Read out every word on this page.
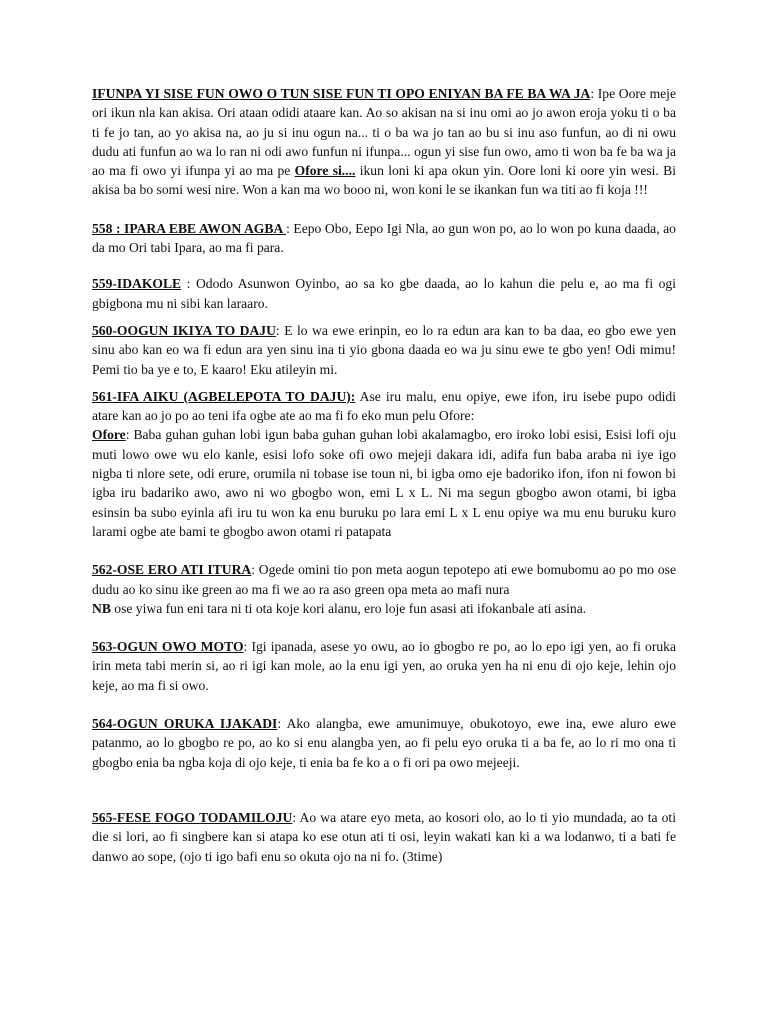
IFUNPA YI SISE FUN OWO O TUN SISE FUN TI OPO ENIYAN BA FE BA WA JA: Ipe Oore meje ori ikun nla kan akisa. Ori ataan odidi ataare kan. Ao so akisan na si inu omi ao jo awon eroja yoku ti o ba ti fe jo tan, ao yo akisa na, ao ju si inu ogun na... ti o ba wa jo tan ao bu si inu aso funfun, ao di ni owu dudu ati funfun ao wa lo ran ni odi awo funfun ni ifunpa... ogun yi sise fun owo, amo ti won ba fe ba wa ja ao ma fi owo yi ifunpa yi ao ma pe Ofore si.... ikun loni ki apa okun yin. Oore loni ki oore yin wesi. Bi akisa ba bo somi wesi nire. Won a kan ma wo booo ni, won koni le se ikankan fun wa titi ao fi koja !!!

558 : IPARA EBE AWON AGBA : Eepo Obo, Eepo Igi Nla, ao gun won po, ao lo won po kuna daada, ao da mo Ori tabi Ipara, ao ma fi para.

559-IDAKOLE : Ododo Asunwon Oyinbo, ao sa ko gbe daada, ao lo kahun die pelu e, ao ma fi ogi gbigbona mu ni sibi kan laraaro.

560-OOGUN IKIYA TO DAJU: E lo wa ewe erinpin, eo lo ra edun ara kan to ba daa, eo gbo ewe yen sinu abo kan eo wa fi edun ara yen sinu ina ti yio gbona daada eo wa ju sinu ewe te gbo yen! Odi mimu! Pemi tio ba ye e to, E kaaro! Eku atileyin mi.

561-IFA AIKU (AGBELEPOTA TO DAJU): Ase iru malu, enu opiye, ewe ifon, iru isebe pupo odidi atare kan ao jo po ao teni ifa ogbe ate ao ma fi fo eko mun pelu Ofore:
Ofore: Baba guhan guhan lobi igun baba guhan guhan lobi akalamagbo, ero iroko lobi esisi, Esisi lofi oju muti lowo owe wu elo kanle, esisi lofo soke ofi owo mejeji dakara idi, adifa fun baba araba ni iye igo nigba ti nlore sete, odi erure, orumila ni tobase ise toun ni, bi igba omo eje badoriko ifon, ifon ni fowon bi igba iru badariko awo, awo ni wo gbogbo won, emi L x L. Ni ma segun gbogbo awon otami, bi igba esinsin ba subo eyinla afi iru tu won ka enu buruku po lara emi L x L enu opiye wa mu enu buruku kuro larami ogbe ate bami te gbogbo awon otami ri patapata

562-OSE ERO ATI ITURA: Ogede omini tio pon meta aogun tepotepo ati ewe bomubomu ao po mo ose dudu ao ko sinu ike green ao ma fi we ao ra aso green opa meta ao mafi nura
NB ose yiwa fun eni tara ni ti ota koje kori alanu, ero loje fun asasi ati ifokanbale ati asina.

563-OGUN OWO MOTO: Igi ipanada, asese yo owu, ao io gbogbo re po, ao lo epo igi yen, ao fi oruka irin meta tabi merin si, ao ri igi kan mole, ao la enu igi yen, ao oruka yen ha ni enu di ojo keje, lehin ojo keje, ao ma fi si owo.

564-OGUN ORUKA IJAKADI: Ako alangba, ewe amunimuye, obukotoyo, ewe ina, ewe aluro ewe patanmo, ao lo gbogbo re po, ao ko si enu alangba yen, ao fi pelu eyo oruka ti a ba fe, ao lo ri mo ona ti gbogbo enia ba ngba koja di ojo keje, ti enia ba fe ko a o fi ori pa owo mejeeji.

565-FESE FOGO TODAMILOJU: Ao wa atare eyo meta, ao kosori olo, ao lo ti yio mundada, ao ta oti die si lori, ao fi singbere kan si atapa ko ese otun ati ti osi, leyin wakati kan ki a wa lodanwo, ti a bati fe danwo ao sope, (ojo ti igo bafi enu so okuta ojo na ni fo. (3time)
